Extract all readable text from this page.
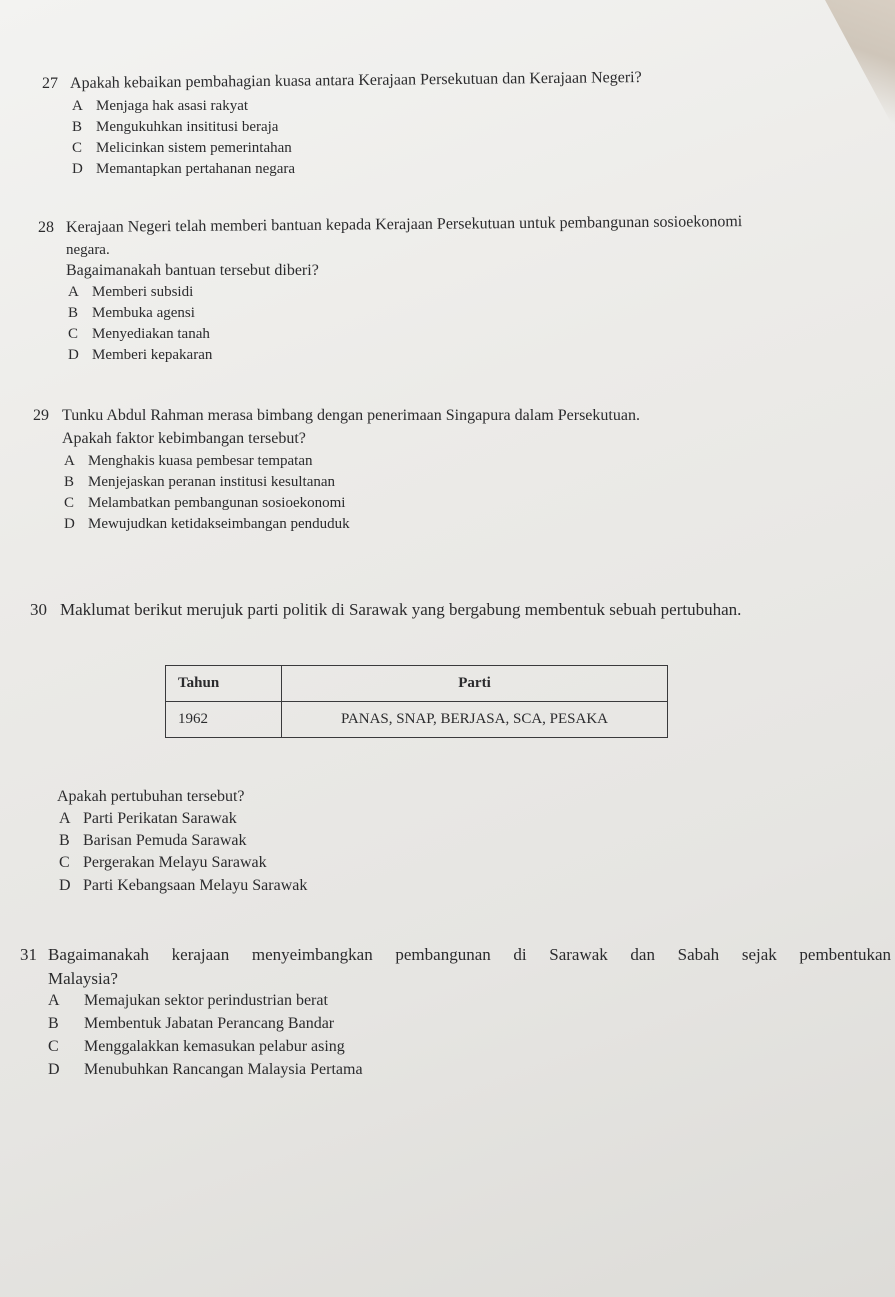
27 Apakah kebaikan pembahagian kuasa antara Kerajaan Persekutuan dan Kerajaan Negeri?
A Menjaga hak asasi rakyat
B Mengukuhkan insititusi beraja
C Melicinkan sistem pemerintahan
D Memantapkan pertahanan negara
28 Kerajaan Negeri telah memberi bantuan kepada Kerajaan Persekutuan untuk pembangunan sosioekonomi
negara.
Bagaimanakah bantuan tersebut diberi?
A Memberi subsidi
B Membuka agensi
C Menyediakan tanah
D Memberi kepakaran
29 Tunku Abdul Rahman merasa bimbang dengan penerimaan Singapura dalam Persekutuan.
Apakah faktor kebimbangan tersebut?
A Menghakis kuasa pembesar tempatan
B Menjejaskan peranan institusi kesultanan
C Melambatkan pembangunan sosioekonomi
D Mewujudkan ketidakseimbangan penduduk
30 Maklumat berikut merujuk parti politik di Sarawak yang bergabung membentuk sebuah pertubuhan.
Tahun	Parti
1962	PANAS, SNAP, BERJASA, SCA, PESAKA
Apakah pertubuhan tersebut?
A Parti Perikatan Sarawak
B Barisan Pemuda Sarawak
C Pergerakan Melayu Sarawak
D Parti Kebangsaan Melayu Sarawak
31 Bagaimanakah kerajaan menyeimbangkan pembangunan di Sarawak dan Sabah sejak pembentukan
Malaysia?
A Memajukan sektor perindustrian berat
B Membentuk Jabatan Perancang Bandar
C Menggalakkan kemasukan pelabur asing
D Menubuhkan Rancangan Malaysia Pertama
